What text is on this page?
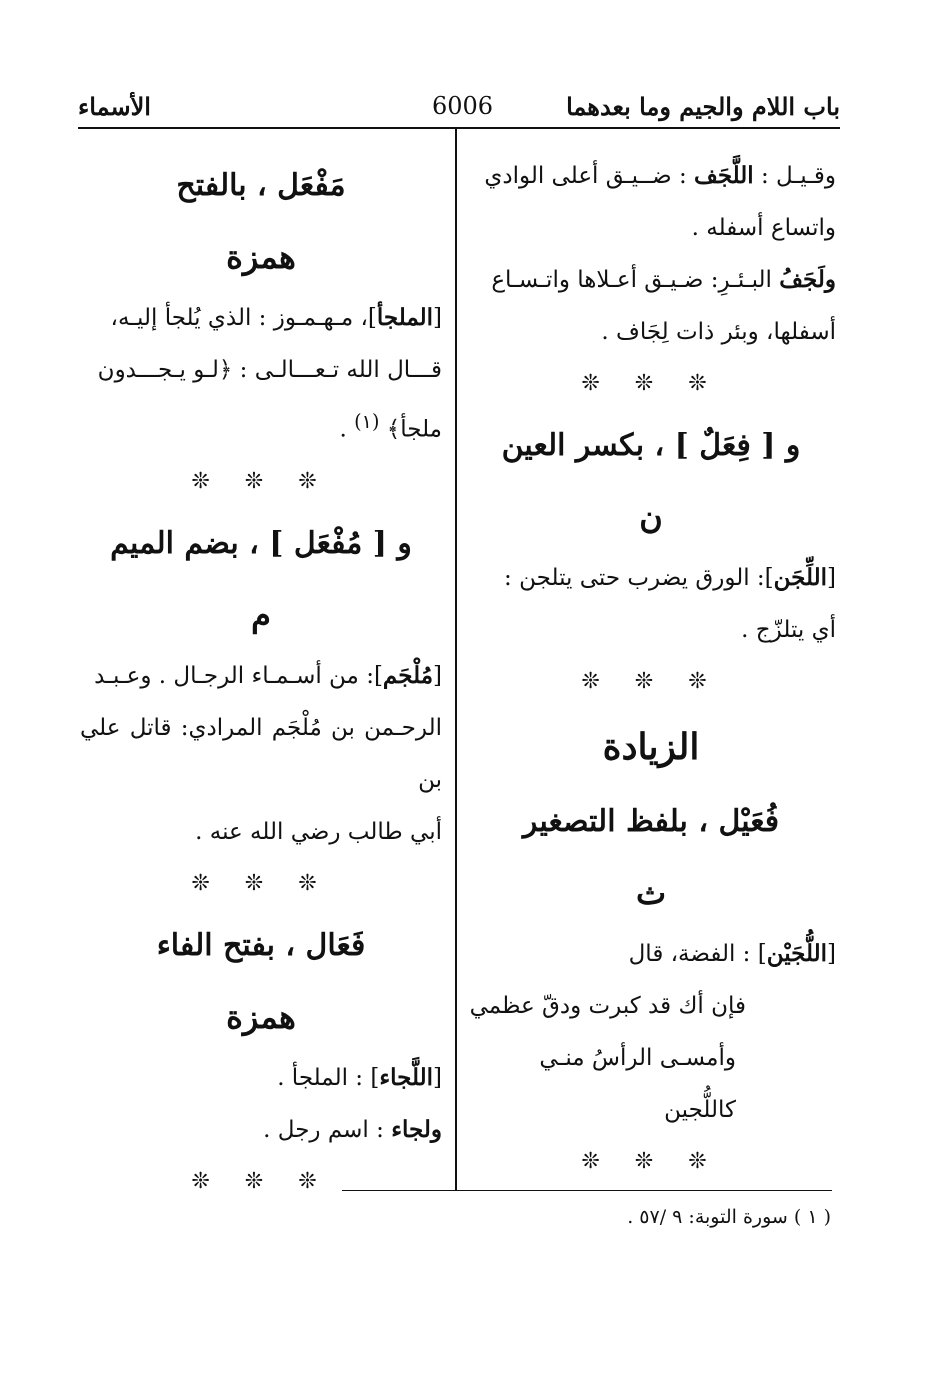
باب اللام والجيم وما بعدهما
6006
الأسماء

وقـيـل : اللَّجَف : ضــيـق أعلى الوادي

واتساع أسفله .

ولَجَفُ البـئـرِ: ضـيـق أعـلاها واتـسـاع

أسفلها، وبئر ذات لِجَاف .

❊ ❊ ❊

و [ فِعَلٌ ] ، بكسر العين

ن

[اللِّجَن]: الورق يضرب حتى يتلجن :

أي يتلزّج .

❊ ❊ ❊

الزيادة

فُعَيْل ، بلفظ التصغير

ث

[اللُّجَيْن] : الفضة، قال

فإن أك قد كبرت ودقّ عظمي

وأمسـى الرأسُ منـي كاللُّجين

❊ ❊ ❊

مَفْعَل ، بالفتح

همزة

[الملجأ]، مـهـمـوز : الذي يُلجأ إليـه،

قـــال الله تـعـــالـى : ﴿لـو يـجـــدون

ملجأ﴾ $^{(١)}$ .

❊ ❊ ❊

و [ مُفْعَل ] ، بضم الميم

م

[مُلْجَم]: من أسـمـاء الرجـال . وعـبـد

الرحـمن بن مُلْجَم المرادي: قاتل علي بن

أبي طالب رضي الله عنه .

❊ ❊ ❊

فَعَال ، بفتح الفاء

همزة

[اللَّجاء] : الملجأ .

ولجاء : اسم رجل .

❊ ❊ ❊

( ١ ) سورة التوبة: ٩ /٥٧ .
